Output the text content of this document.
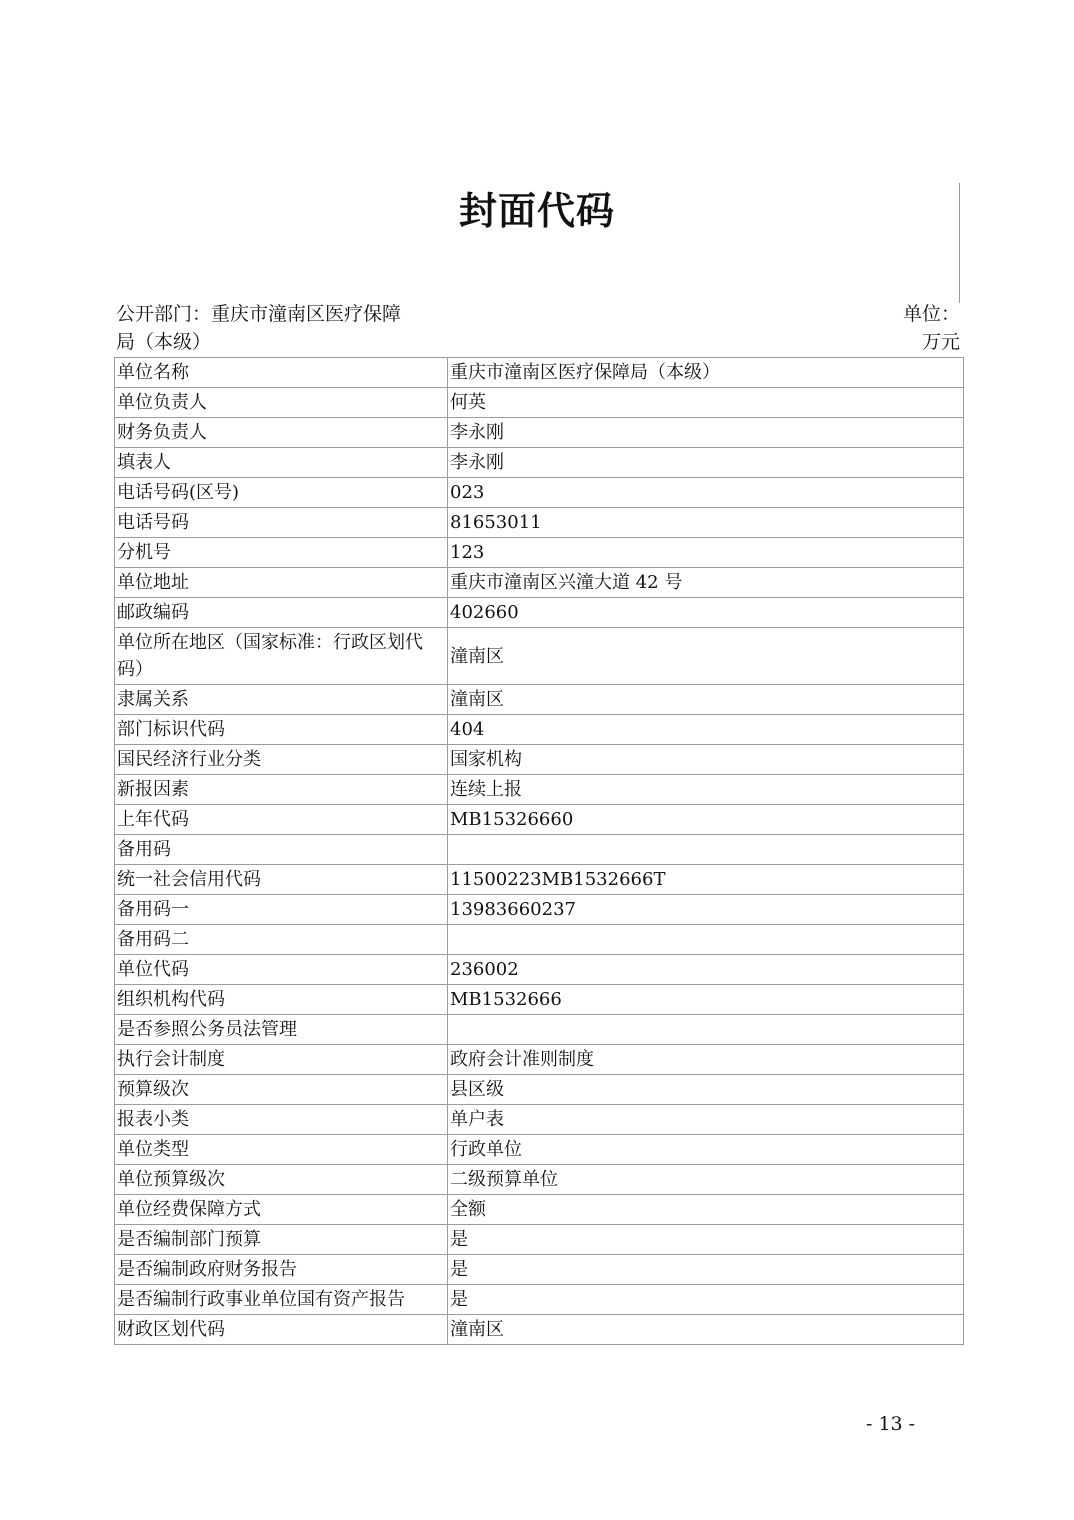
封面代码
公开部门：重庆市潼南区医疗保障
局（本级）
单位：
万元
单位名称	重庆市潼南区医疗保障局（本级）
单位负责人	何英
财务负责人	李永刚
填表人	李永刚
电话号码(区号)	023
电话号码	81653011
分机号	123
单位地址	重庆市潼南区兴潼大道 42 号
邮政编码	402660
单位所在地区（国家标准：行政区划代码）	潼南区
隶属关系	潼南区
部门标识代码	404
国民经济行业分类	国家机构
新报因素	连续上报
上年代码	MB15326660
备用码	
统一社会信用代码	11500223MB1532666T
备用码一	13983660237
备用码二	
单位代码	236002
组织机构代码	MB1532666
是否参照公务员法管理	
执行会计制度	政府会计准则制度
预算级次	县区级
报表小类	单户表
单位类型	行政单位
单位预算级次	二级预算单位
单位经费保障方式	全额
是否编制部门预算	是
是否编制政府财务报告	是
是否编制行政事业单位国有资产报告	是
财政区划代码	潼南区
- 13 -
